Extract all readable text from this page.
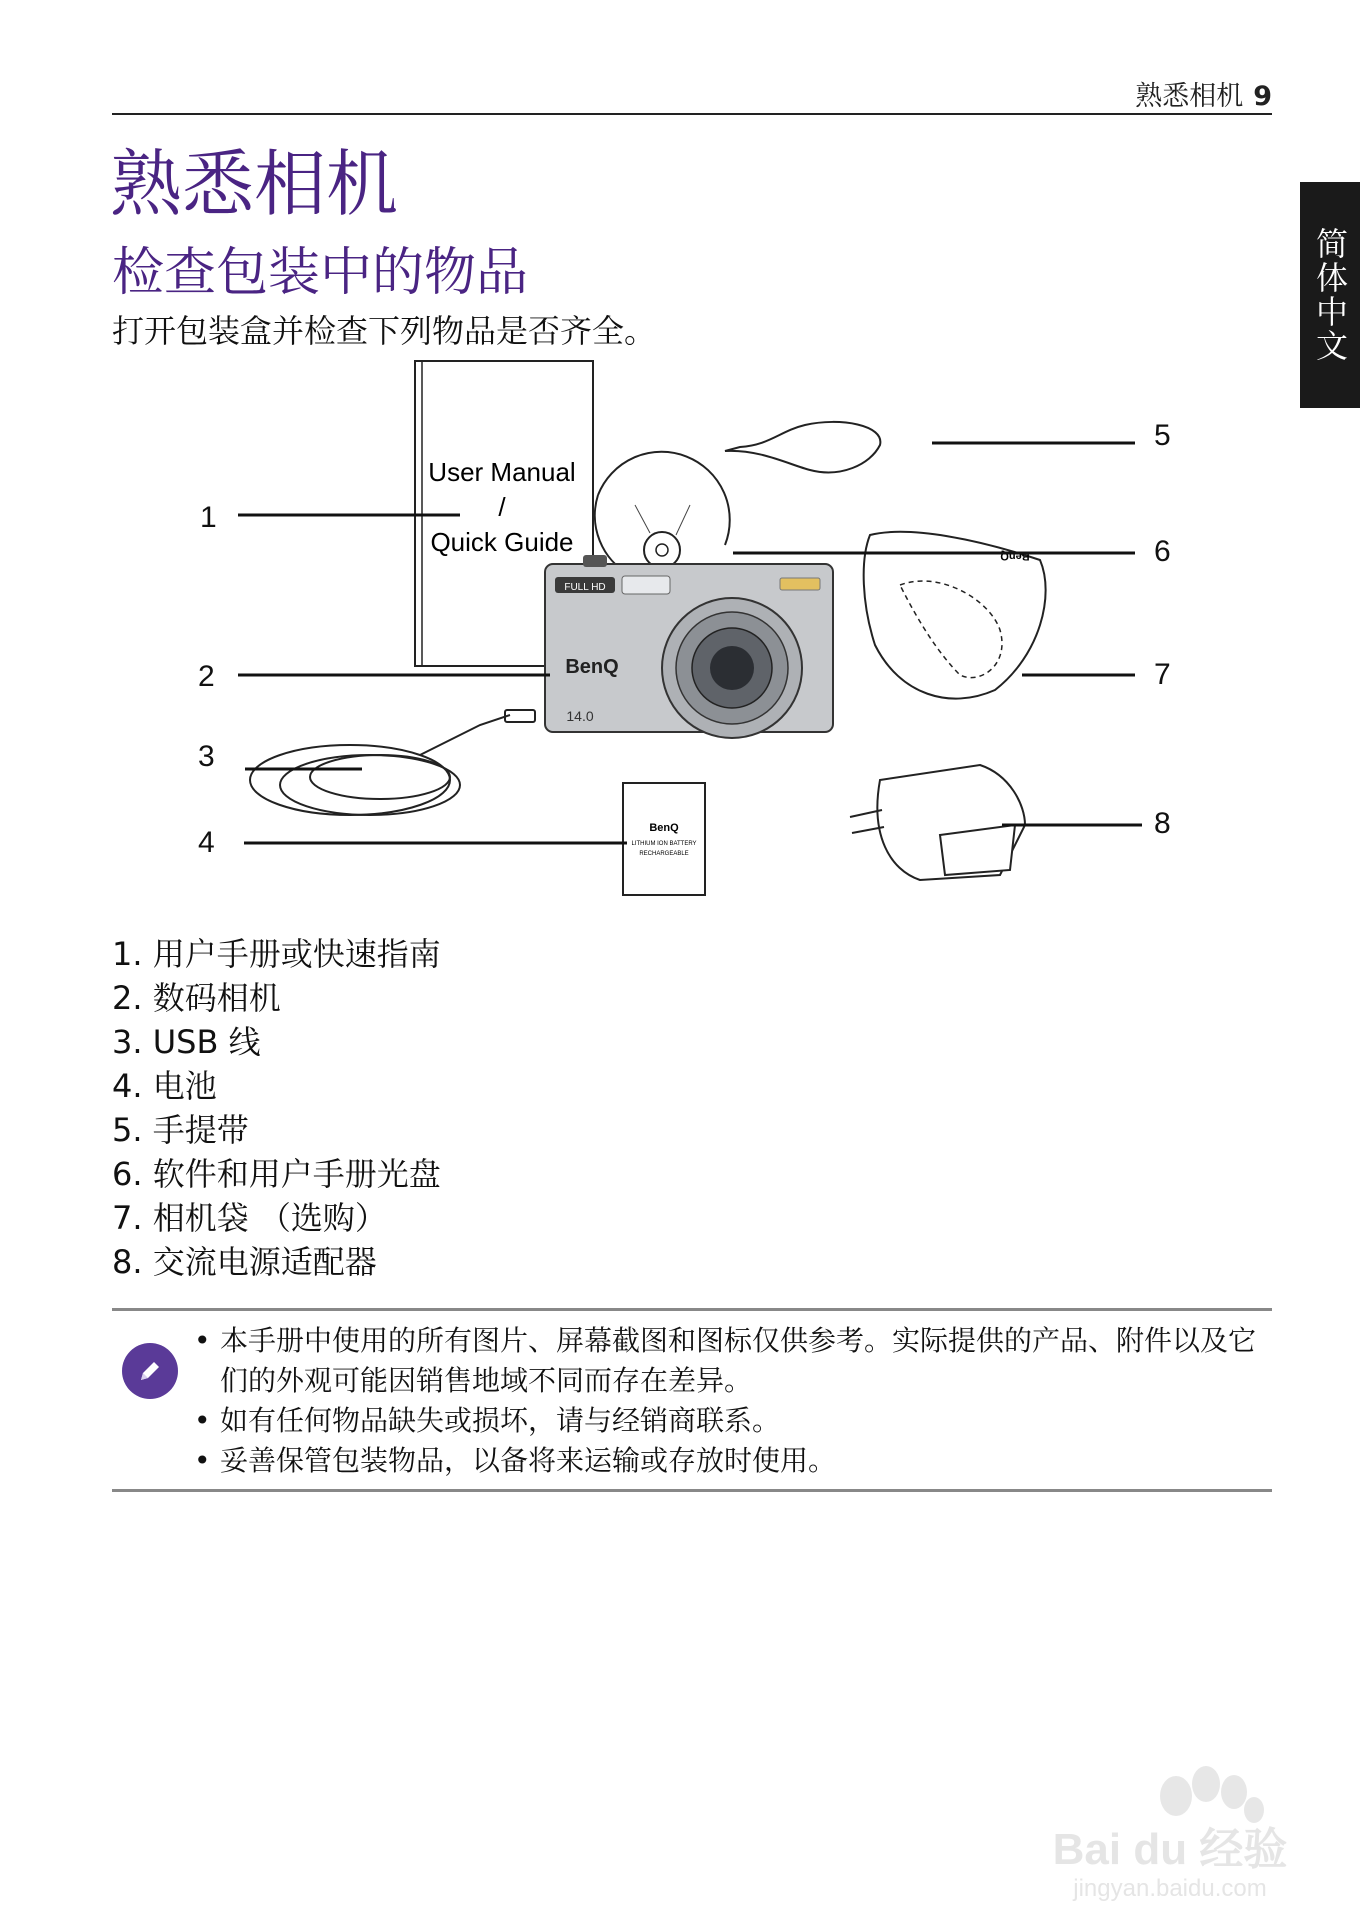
熟悉相机 9
简体中文
熟悉相机
检查包装中的物品

打开包装盒并检查下列物品是否齐全。

User Manual
/
Quick Guide
FULL HD
BenQ
14.0
BenQ
BenQ
LITHIUM ION BATTERY
RECHARGEABLE
1
2
3
4
5
6
7
8
1. 用户手册或快速指南
2. 数码相机
3. USB 线
4. 电池
5. 手提带
6. 软件和用户手册光盘
7. 相机袋 （选购）
8. 交流电源适配器
• 本手册中使用的所有图片、屏幕截图和图标仅供参考。实际提供的产品、附件以及它们的外观可能因销售地域不同而存在差异。
• 如有任何物品缺失或损坏，请与经销商联系。
• 妥善保管包装物品，以备将来运输或存放时使用。
Bai du 经验
jingyan.baidu.com
